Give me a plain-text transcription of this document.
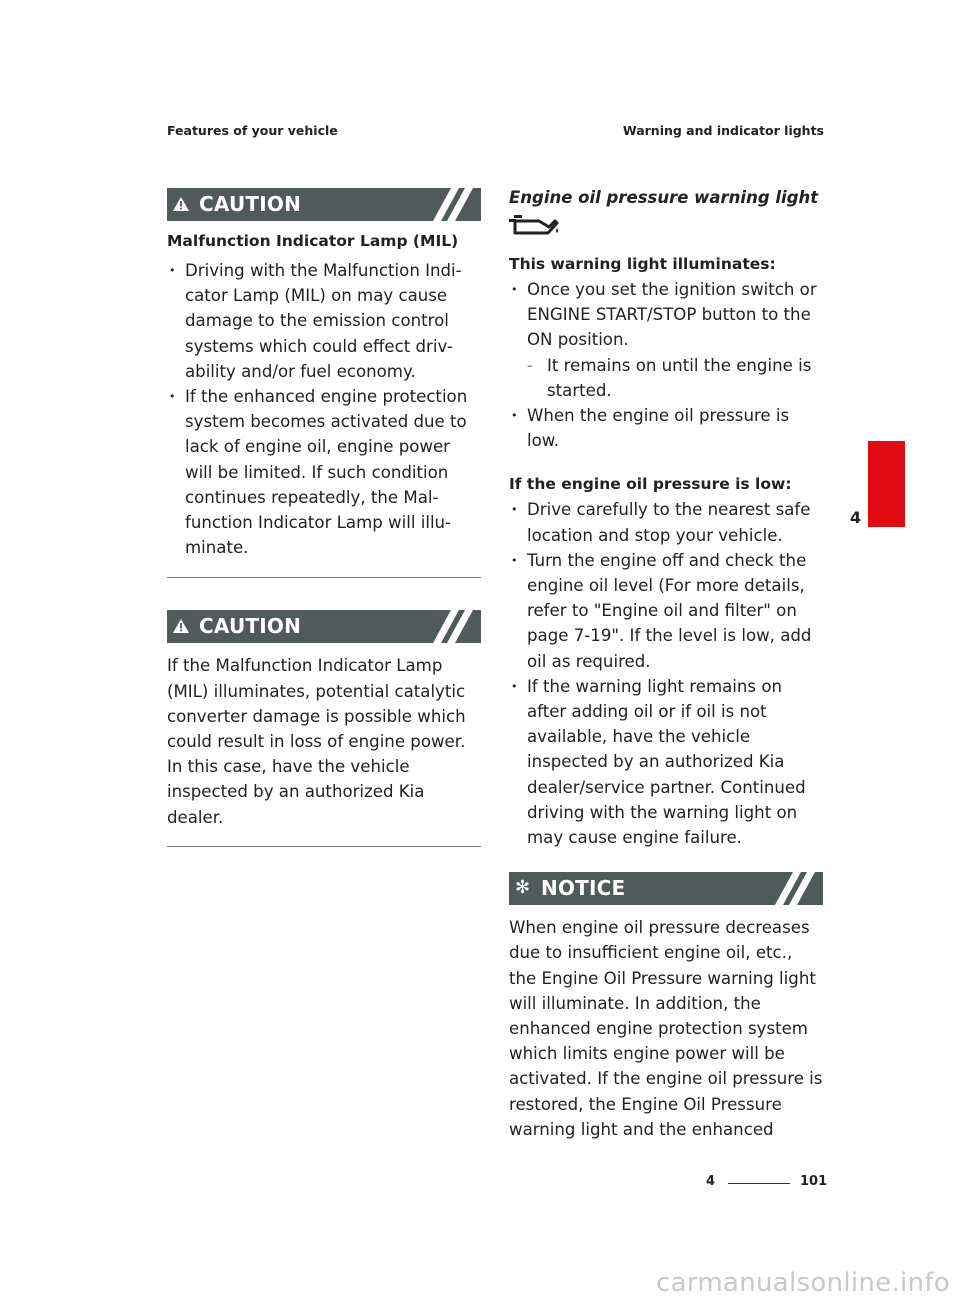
Features of your vehicle	Warning and indicator lights
CAUTION
Malfunction Indicator Lamp (MIL)
• Driving with the Malfunction Indi-cator Lamp (MIL) on may cause damage to the emission control systems which could effect driv-ability and/or fuel economy.
• If the enhanced engine protection system becomes activated due to lack of engine oil, engine power will be limited. If such condition continues repeatedly, the Mal-function Indicator Lamp will illu-minate.
CAUTION
If the Malfunction Indicator Lamp (MIL) illuminates, potential catalytic converter damage is possible which could result in loss of engine power. In this case, have the vehicle inspected by an authorized Kia dealer.
Engine oil pressure warning light
This warning light illuminates:
• Once you set the ignition switch or ENGINE START/STOP button to the ON position.
– It remains on until the engine is started.
• When the engine oil pressure is low.
If the engine oil pressure is low:
• Drive carefully to the nearest safe location and stop your vehicle.
• Turn the engine off and check the engine oil level (For more details, refer to "Engine oil and filter" on page 7-19". If the level is low, add oil as required.
• If the warning light remains on after adding oil or if oil is not available, have the vehicle inspected by an authorized Kia dealer/service partner. Continued driving with the warning light on may cause engine failure.
✻ NOTICE
When engine oil pressure decreases due to insufficient engine oil, etc., the Engine Oil Pressure warning light will illuminate. In addition, the enhanced engine protection system which limits engine power will be activated. If the engine oil pressure is restored, the Engine Oil Pressure warning light and the enhanced
4
4	101
carmanualsonline.info
